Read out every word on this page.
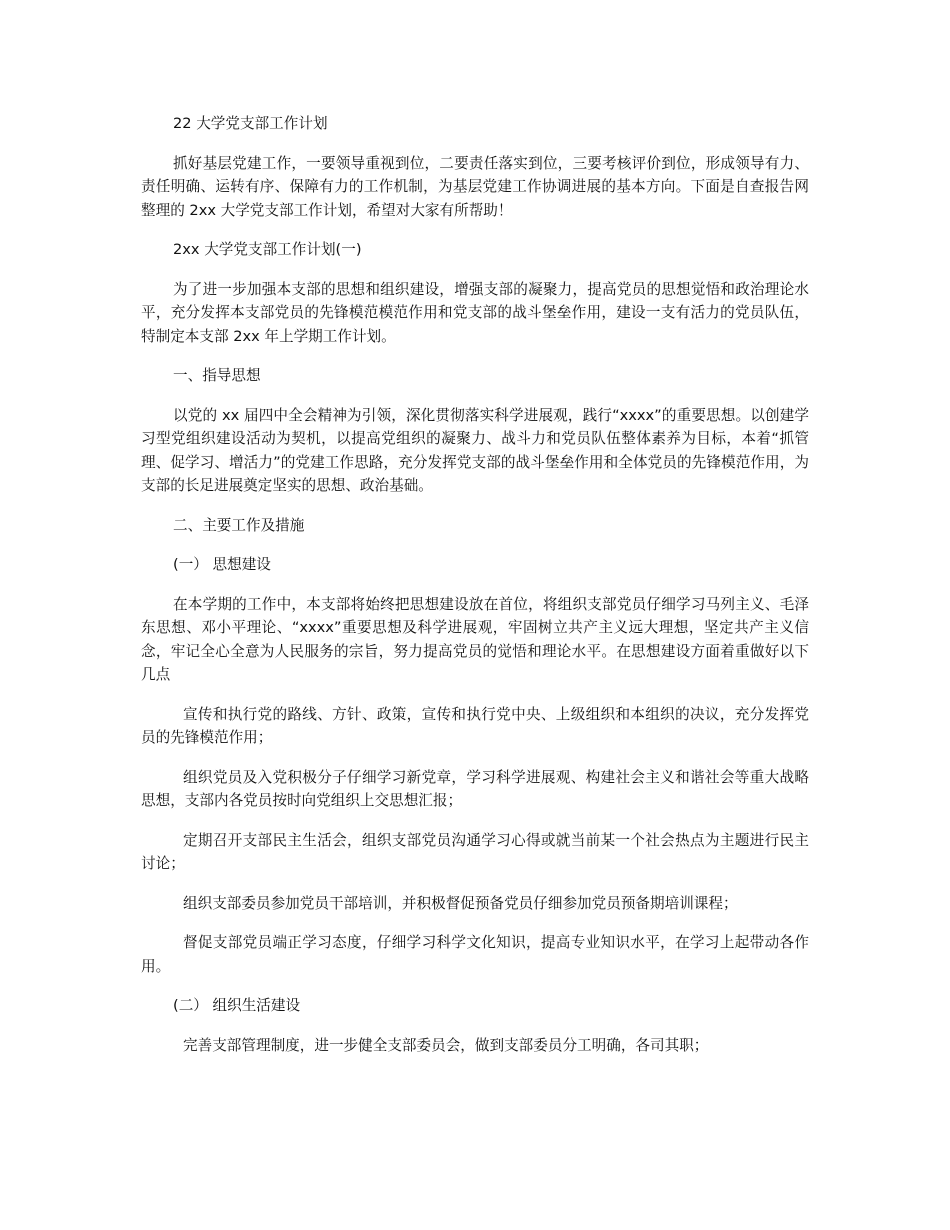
22 大学党支部工作计划

抓好基层党建工作，一要领导重视到位，二要责任落实到位，三要考核评价到位，形成领导有力、责任明确、运转有序、保障有力的工作机制，为基层党建工作协调进展的基本方向。下面是自查报告网整理的 2xx 大学党支部工作计划，希望对大家有所帮助！

2xx 大学党支部工作计划(一)

为了进一步加强本支部的思想和组织建设，增强支部的凝聚力，提高党员的思想觉悟和政治理论水平，充分发挥本支部党员的先锋模范模范作用和党支部的战斗堡垒作用，建设一支有活力的党员队伍，特制定本支部 2xx 年上学期工作计划。

一、指导思想

以党的 xx 届四中全会精神为引领，深化贯彻落实科学进展观，践行“xxxx”的重要思想。以创建学习型党组织建设活动为契机，以提高党组织的凝聚力、战斗力和党员队伍整体素养为目标，本着“抓管理、促学习、增活力”的党建工作思路，充分发挥党支部的战斗堡垒作用和全体党员的先锋模范作用，为支部的长足进展奠定坚实的思想、政治基础。

二、主要工作及措施

(一） 思想建设

在本学期的工作中，本支部将始终把思想建设放在首位，将组织支部党员仔细学习马列主义、毛泽东思想、邓小平理论、“xxxx”重要思想及科学进展观，牢固树立共产主义远大理想，坚定共产主义信念，牢记全心全意为人民服务的宗旨，努力提高党员的觉悟和理论水平。在思想建设方面着重做好以下几点

宣传和执行党的路线、方针、政策，宣传和执行党中央、上级组织和本组织的决议，充分发挥党员的先锋模范作用；

组织党员及入党积极分子仔细学习新党章，学习科学进展观、构建社会主义和谐社会等重大战略思想，支部内各党员按时向党组织上交思想汇报；

定期召开支部民主生活会，组织支部党员沟通学习心得或就当前某一个社会热点为主题进行民主讨论；

组织支部委员参加党员干部培训，并积极督促预备党员仔细参加党员预备期培训课程；

督促支部党员端正学习态度，仔细学习科学文化知识，提高专业知识水平，在学习上起带动各作用。

(二） 组织生活建设

完善支部管理制度，进一步健全支部委员会，做到支部委员分工明确，各司其职；
